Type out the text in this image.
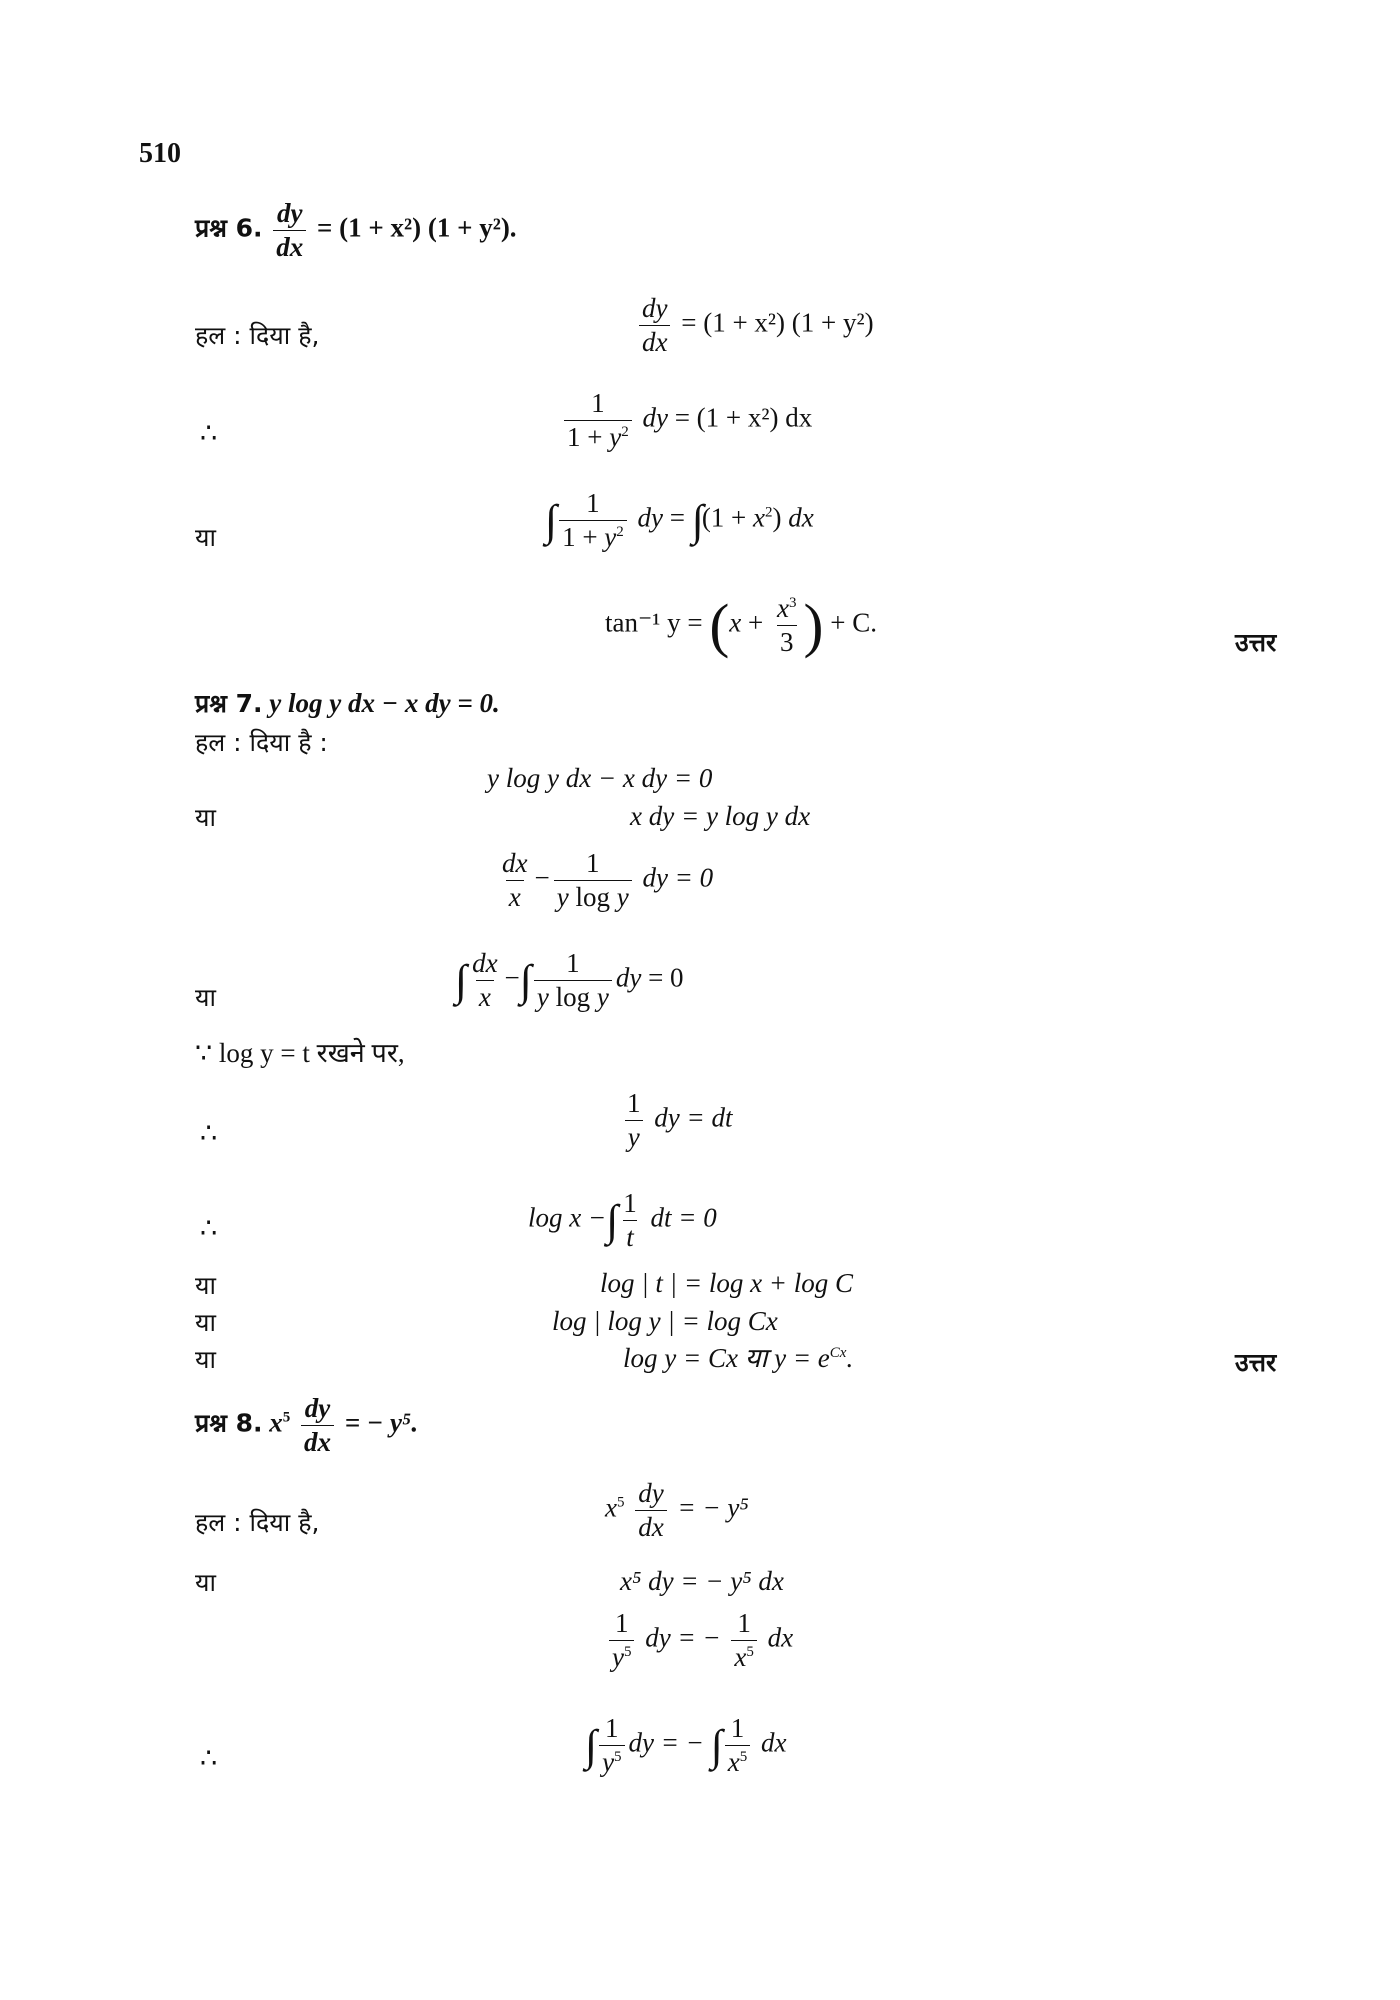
510
प्रश्न 6. $\frac{dy}{dx} = (1 + x^2) (1 + y^2)$.
हल : दिया है,	$\frac{dy}{dx} = (1 + x^2) (1 + y^2)$
∴	$\frac{1}{1 + y^2}$ dy = (1 + x²) dx
या	∫ $\frac{1}{1 + y^2}$ dy = $\int(1 + x^2)$ dx
tan⁻¹ $y = (x + \frac{x^3}{3}$ ) + C.
उत्तर
प्रश्न 7. y log y dx − x dy = 0.
हल : दिया है :
y log y dx − x dy = 0
या	x dy = y log y dx
$\frac{dx}{x} - \frac{1}{\text{y log y}}$ dy = 0
या	∫ $\frac{dx}{x}$ −∫ $\frac{1}{\text{y log y}}$ dy = 0
∵ log y = t रखने पर,
∴	$\frac{1}{y}$ dy = dt
∴	log x −∫ $\frac{1}{t}$ dt = 0
या	log | t | = log x + log C
या	log | log y | = log Cx
या	log y = Cx या $y = e^{Cx}$.	उत्तर
प्रश्न 8. $x^5 \frac{dy}{dx}$ = − y⁵.
हल : दिया है,	$x^5 \frac{dy}{dx}$ = − y⁵
या	x⁵ dy = − y⁵ dx
$\frac{1}{y^5}$ dy = − $\frac{1}{x^5}$ dx
∴	∫ $\frac{1}{y^5}$ dy = − ∫ $\frac{1}{x^5}$ dx
